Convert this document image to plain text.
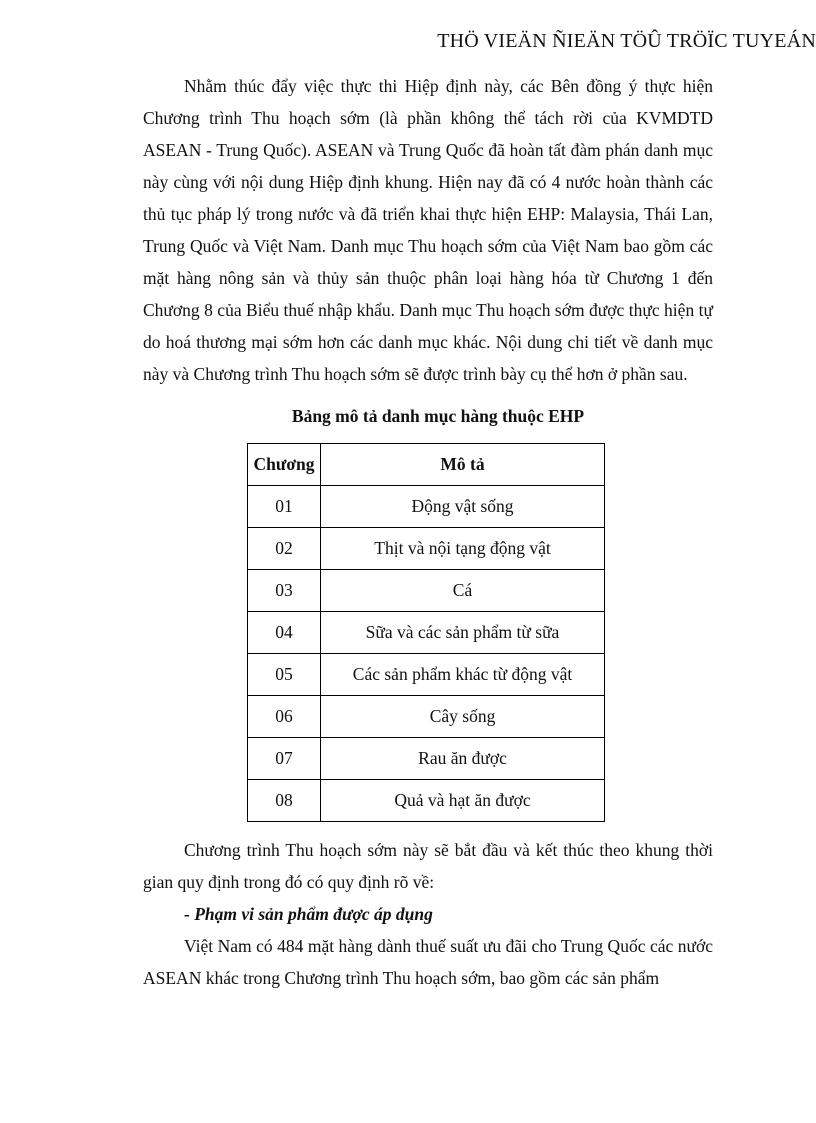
THÖ VIEÄN ÑIEÄN TÖÛ TRÖÏC TUYEÁN

Nhằm thúc đẩy việc thực thi Hiệp định này, các Bên đồng ý thực hiện Chương trình Thu hoạch sớm (là phần không thể tách rời của KVMDTD ASEAN - Trung Quốc). ASEAN và Trung Quốc đã hoàn tất đàm phán danh mục này cùng với nội dung Hiệp định khung. Hiện nay đã có 4 nước hoàn thành các thủ tục pháp lý trong nước và đã triển khai thực hiện EHP: Malaysia, Thái Lan, Trung Quốc và Việt Nam. Danh mục Thu hoạch sớm của Việt Nam bao gồm các mặt hàng nông sản và thủy sản thuộc phân loại hàng hóa từ Chương 1 đến Chương 8 của Biểu thuế nhập khẩu. Danh mục Thu hoạch sớm được thực hiện tự do hoá thương mại sớm hơn các danh mục khác. Nội dung chi tiết về danh mục này và Chương trình Thu hoạch sớm sẽ được trình bày cụ thể hơn ở phần sau.

Bảng mô tả danh mục hàng thuộc EHP
Chương	Mô tả
01	Động vật sống
02	Thịt và nội tạng động vật
03	Cá
04	Sữa và các sản phẩm từ sữa
05	Các sản phẩm khác từ động vật
06	Cây sống
07	Rau ăn được
08	Quả và hạt ăn được

Chương trình Thu hoạch sớm này sẽ bắt đầu và kết thúc theo khung thời gian quy định trong đó có quy định rõ về:

- Phạm vi sản phẩm được áp dụng

Việt Nam có 484 mặt hàng dành thuế suất ưu đãi cho Trung Quốc các nước ASEAN khác trong Chương trình Thu hoạch sớm, bao gồm các sản phẩm
